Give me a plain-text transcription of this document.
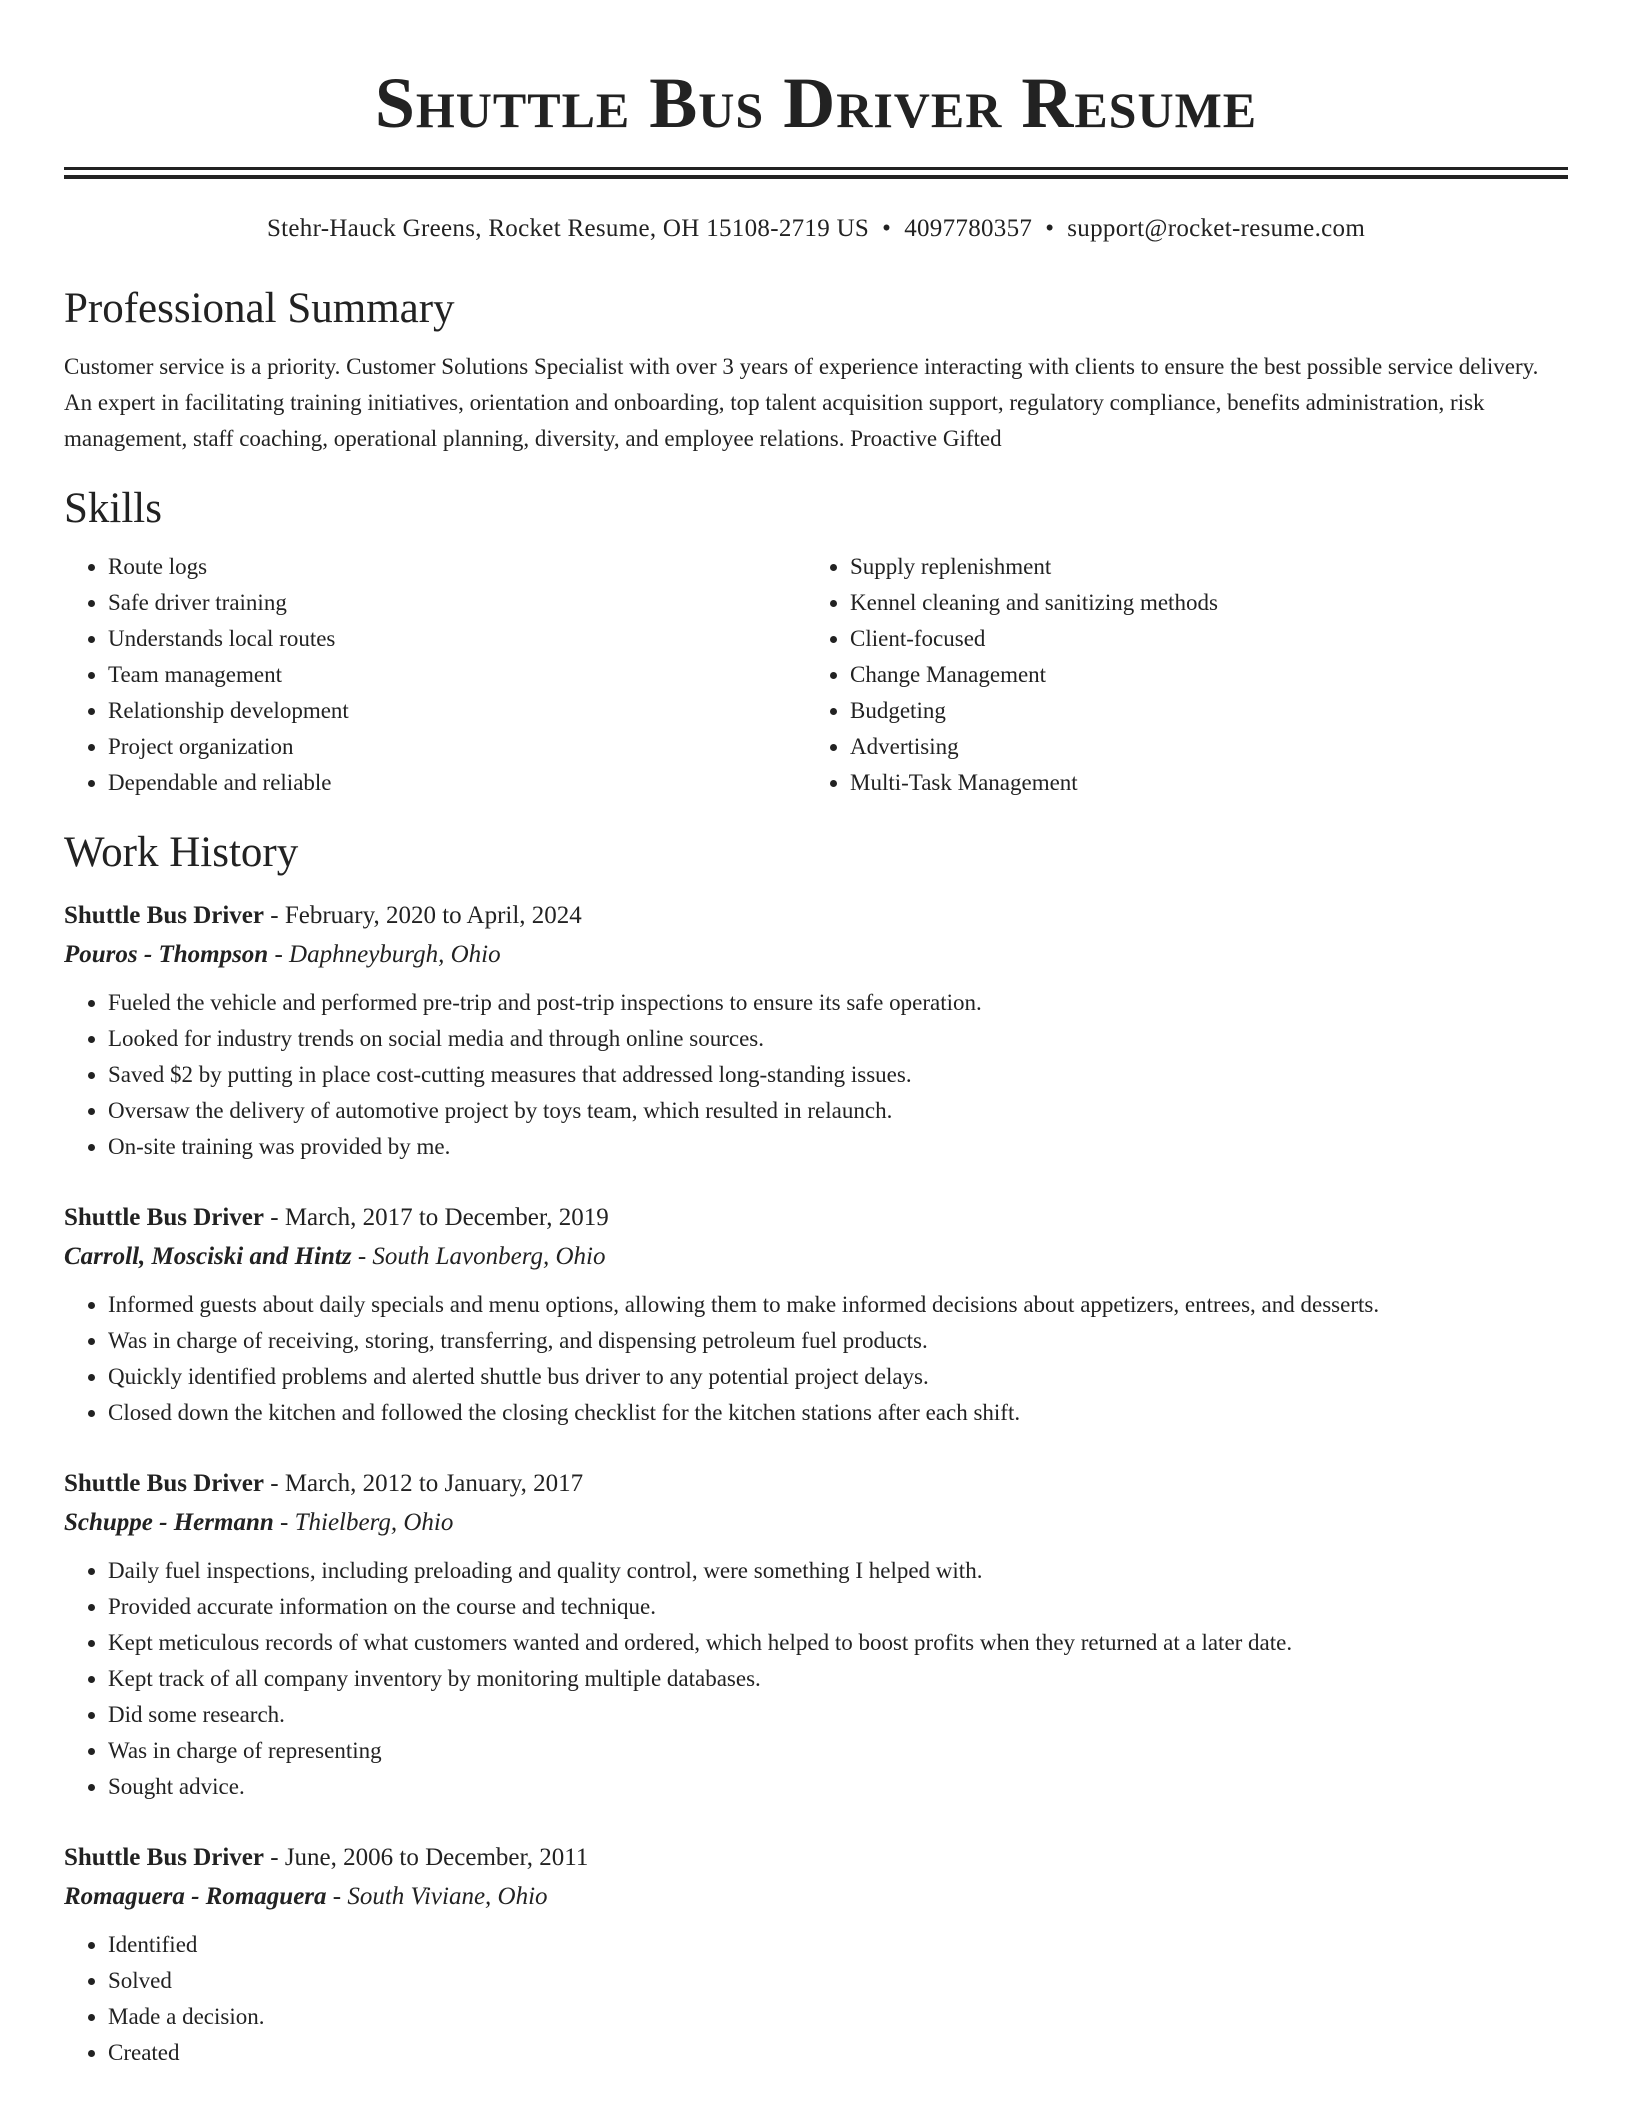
Shuttle Bus Driver Resume
Stehr-Hauck Greens, Rocket Resume, OH 15108-2719 US • 4097780357 • support@rocket-resume.com
Professional Summary

Customer service is a priority. Customer Solutions Specialist with over 3 years of experience interacting with clients to ensure the best possible service delivery. An expert in facilitating training initiatives, orientation and onboarding, top talent acquisition support, regulatory compliance, benefits administration, risk management, staff coaching, operational planning, diversity, and employee relations. Proactive Gifted

Skills
• Route logs
• Safe driver training
• Understands local routes
• Team management
• Relationship development
• Project organization
• Dependable and reliable
• Supply replenishment
• Kennel cleaning and sanitizing methods
• Client-focused
• Change Management
• Budgeting
• Advertising
• Multi-Task Management
Work History
Shuttle Bus Driver - February, 2020 to April, 2024
Pouros - Thompson - Daphneyburgh, Ohio
• Fueled the vehicle and performed pre-trip and post-trip inspections to ensure its safe operation.
• Looked for industry trends on social media and through online sources.
• Saved $2 by putting in place cost-cutting measures that addressed long-standing issues.
• Oversaw the delivery of automotive project by toys team, which resulted in relaunch.
• On-site training was provided by me.
Shuttle Bus Driver - March, 2017 to December, 2019
Carroll, Mosciski and Hintz - South Lavonberg, Ohio
• Informed guests about daily specials and menu options, allowing them to make informed decisions about appetizers, entrees, and desserts.
• Was in charge of receiving, storing, transferring, and dispensing petroleum fuel products.
• Quickly identified problems and alerted shuttle bus driver to any potential project delays.
• Closed down the kitchen and followed the closing checklist for the kitchen stations after each shift.
Shuttle Bus Driver - March, 2012 to January, 2017
Schuppe - Hermann - Thielberg, Ohio
• Daily fuel inspections, including preloading and quality control, were something I helped with.
• Provided accurate information on the course and technique.
• Kept meticulous records of what customers wanted and ordered, which helped to boost profits when they returned at a later date.
• Kept track of all company inventory by monitoring multiple databases.
• Did some research.
• Was in charge of representing
• Sought advice.
Shuttle Bus Driver - June, 2006 to December, 2011
Romaguera - Romaguera - South Viviane, Ohio
• Identified
• Solved
• Made a decision.
• Created
